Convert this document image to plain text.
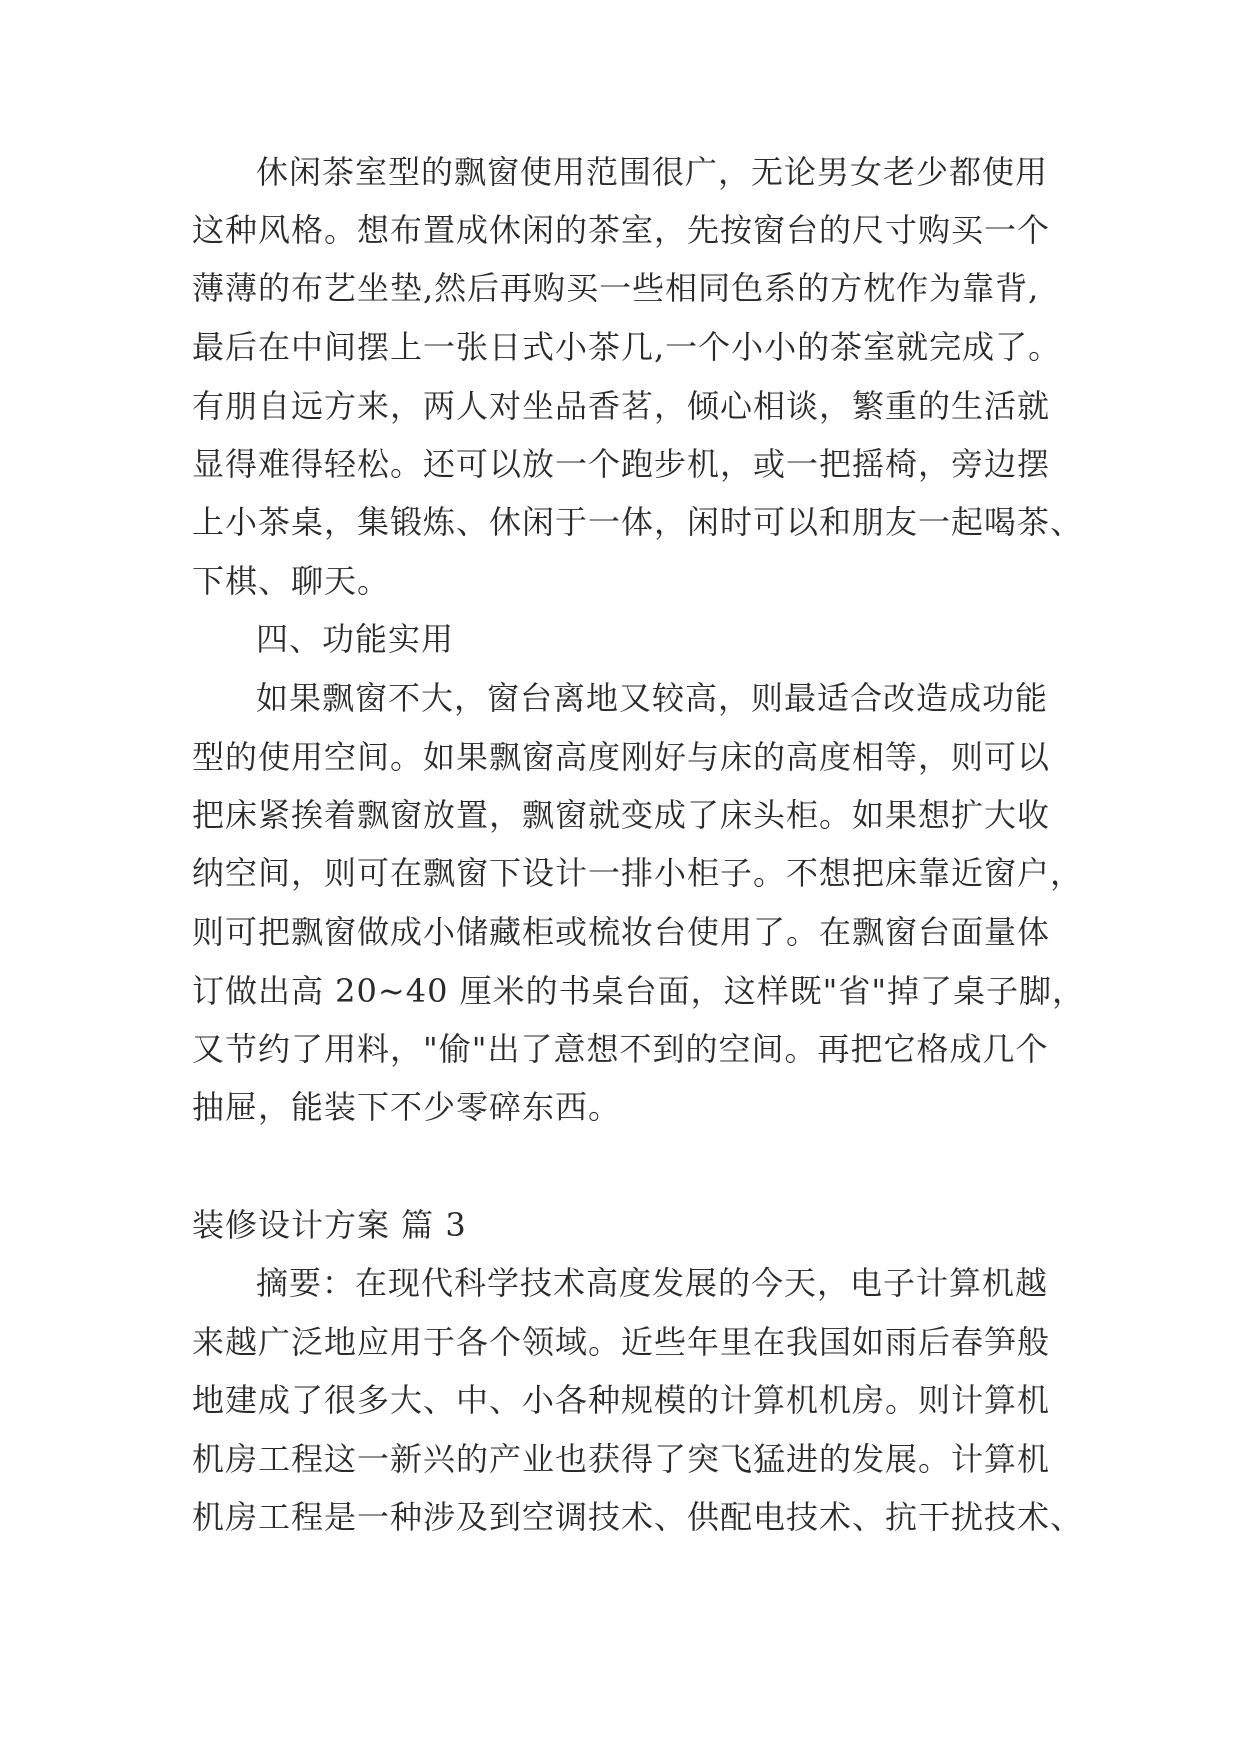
休闲茶室型的飘窗使用范围很广，无论男女老少都使用
这种风格。想布置成休闲的茶室，先按窗台的尺寸购买一个
薄薄的布艺坐垫,然后再购买一些相同色系的方枕作为靠背,
最后在中间摆上一张日式小茶几,一个小小的茶室就完成了。
有朋自远方来，两人对坐品香茗，倾心相谈，繁重的生活就
显得难得轻松。还可以放一个跑步机，或一把摇椅，旁边摆
上小茶桌，集锻炼、休闲于一体，闲时可以和朋友一起喝茶、
下棋、聊天。
四、功能实用
如果飘窗不大，窗台离地又较高，则最适合改造成功能
型的使用空间。如果飘窗高度刚好与床的高度相等，则可以
把床紧挨着飘窗放置，飘窗就变成了床头柜。如果想扩大收
纳空间，则可在飘窗下设计一排小柜子。不想把床靠近窗户，
则可把飘窗做成小储藏柜或梳妆台使用了。在飘窗台面量体
订做出高 20~40 厘米的书桌台面，这样既"省"掉了桌子脚，
又节约了用料，"偷"出了意想不到的空间。再把它格成几个
抽屉，能装下不少零碎东西。
装修设计方案 篇 3
摘要：在现代科学技术高度发展的今天，电子计算机越
来越广泛地应用于各个领域。近些年里在我国如雨后春笋般
地建成了很多大、中、小各种规模的计算机机房。则计算机
机房工程这一新兴的产业也获得了突飞猛进的发展。计算机
机房工程是一种涉及到空调技术、供配电技术、抗干扰技术、
